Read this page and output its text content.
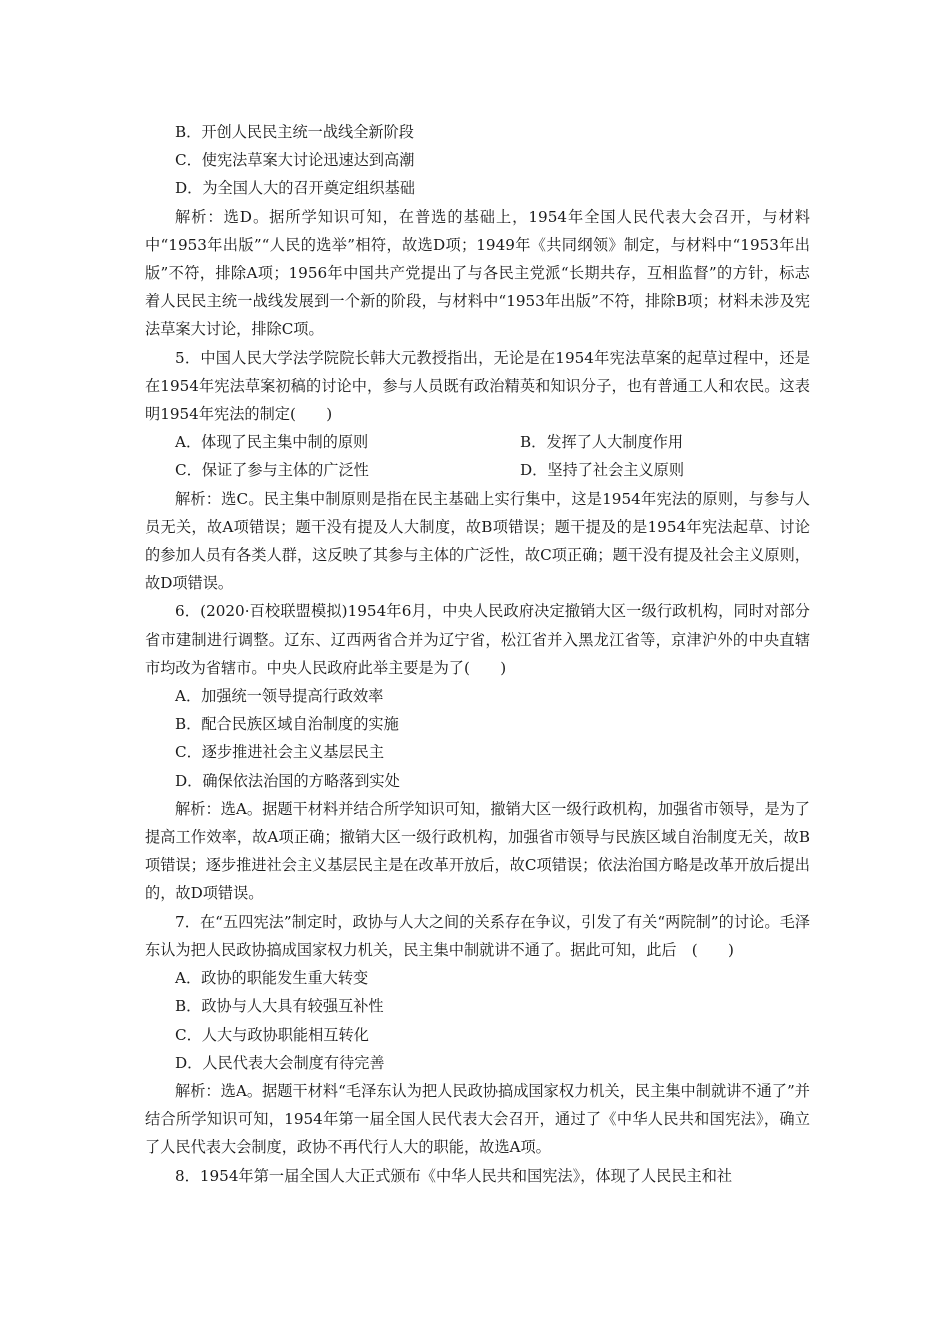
B．开创人民民主统一战线全新阶段

C．使宪法草案大讨论迅速达到高潮

D．为全国人大的召开奠定组织基础

解析：选D。据所学知识可知，在普选的基础上，1954年全国人民代表大会召开，与材料中“1953年出版”“人民的选举”相符，故选D项；1949年《共同纲领》制定，与材料中“1953年出版”不符，排除A项；1956年中国共产党提出了与各民主党派“长期共存，互相监督”的方针，标志着人民民主统一战线发展到一个新的阶段，与材料中“1953年出版”不符，排除B项；材料未涉及宪法草案大讨论，排除C项。

5．中国人民大学法学院院长韩大元教授指出，无论是在1954年宪法草案的起草过程中，还是在1954年宪法草案初稿的讨论中，参与人员既有政治精英和知识分子，也有普通工人和农民。这表明1954年宪法的制定(　　)

A．体现了民主集中制的原则	B．发挥了人大制度作用
C．保证了参与主体的广泛性	D．坚持了社会主义原则

解析：选C。民主集中制原则是指在民主基础上实行集中，这是1954年宪法的原则，与参与人员无关，故A项错误；题干没有提及人大制度，故B项错误；题干提及的是1954年宪法起草、讨论的参加人员有各类人群，这反映了其参与主体的广泛性，故C项正确；题干没有提及社会主义原则，故D项错误。

6．(2020·百校联盟模拟)1954年6月，中央人民政府决定撤销大区一级行政机构，同时对部分省市建制进行调整。辽东、辽西两省合并为辽宁省，松江省并入黑龙江省等，京津沪外的中央直辖市均改为省辖市。中央人民政府此举主要是为了(　　)

A．加强统一领导提高行政效率

B．配合民族区域自治制度的实施

C．逐步推进社会主义基层民主

D．确保依法治国的方略落到实处

解析：选A。据题干材料并结合所学知识可知，撤销大区一级行政机构，加强省市领导，是为了提高工作效率，故A项正确；撤销大区一级行政机构，加强省市领导与民族区域自治制度无关，故B项错误；逐步推进社会主义基层民主是在改革开放后，故C项错误；依法治国方略是改革开放后提出的，故D项错误。

7．在“五四宪法”制定时，政协与人大之间的关系存在争议，引发了有关“两院制”的讨论。毛泽东认为把人民政协搞成国家权力机关，民主集中制就讲不通了。据此可知，此后　(　　)

A．政协的职能发生重大转变

B．政协与人大具有较强互补性

C．人大与政协职能相互转化

D．人民代表大会制度有待完善

解析：选A。据题干材料“毛泽东认为把人民政协搞成国家权力机关，民主集中制就讲不通了”并结合所学知识可知，1954年第一届全国人民代表大会召开，通过了《中华人民共和国宪法》，确立了人民代表大会制度，政协不再代行人大的职能，故选A项。

8．1954年第一届全国人大正式颁布《中华人民共和国宪法》，体现了人民民主和社
